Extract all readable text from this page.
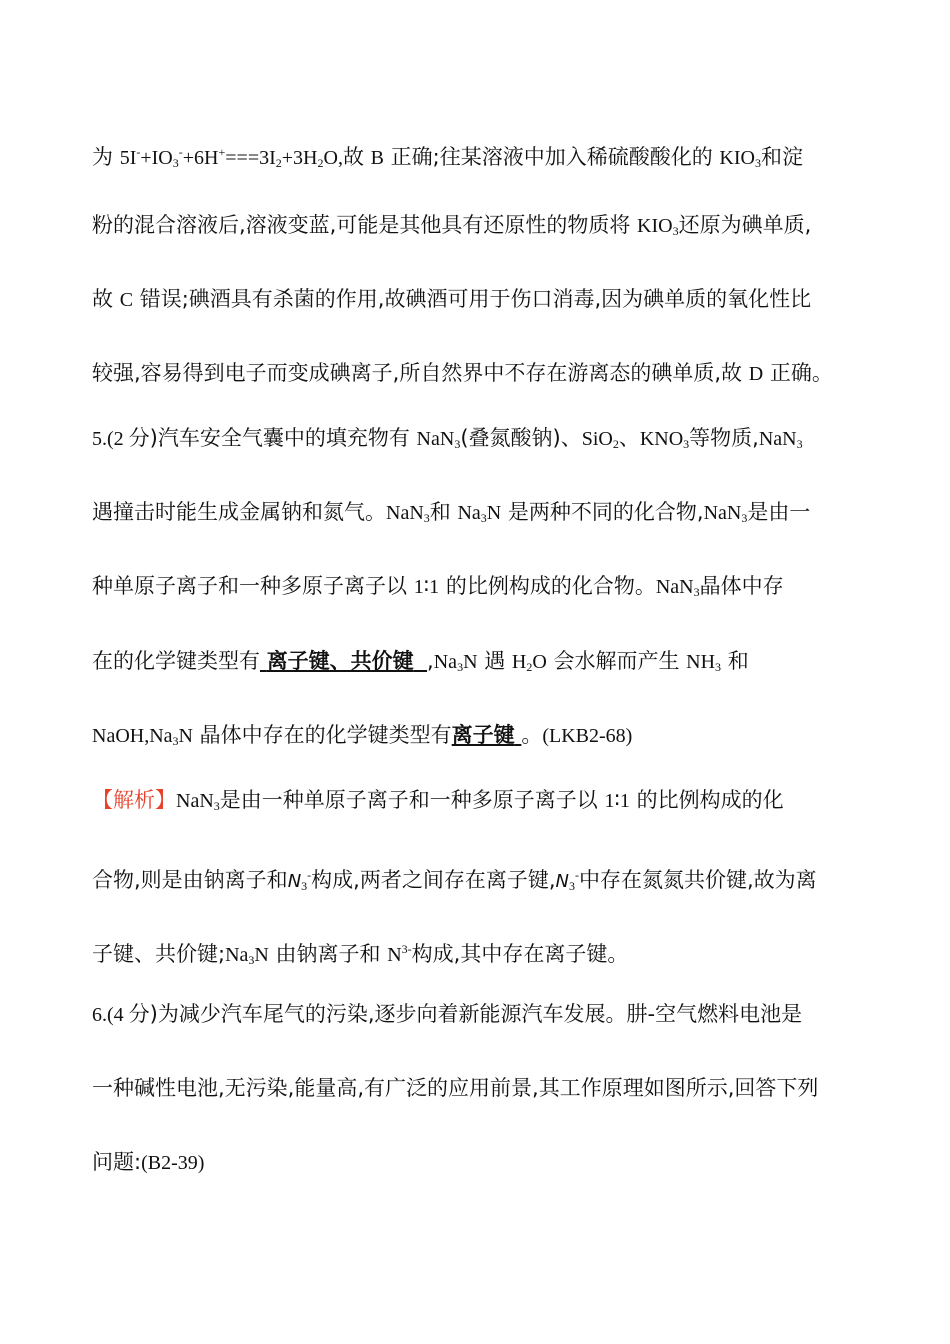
为 $5I^-+IO_3^-+6H^+===3I_2+3H_2O$,故 B 正确;往某溶液中加入稀硫酸酸化的 $KIO_3$和淀
粉的混合溶液后,溶液变蓝,可能是其他具有还原性的物质将 $KIO_3$还原为碘单质,
故 C 错误;碘酒具有杀菌的作用,故碘酒可用于伤口消毒,因为碘单质的氧化性比
较强,容易得到电子而变成碘离子,所自然界中不存在游离态的碘单质,故 D 正确。
5.(2 分)汽车安全气囊中的填充物有 NaN$_3$(叠氮酸钠)、SiO$_2$、$KNO_3$等物质,NaN$_3$
遇撞击时能生成金属钠和氮气。NaN$_3$和 $Na_3N$ 是两种不同的化合物,NaN$_3$是由一
种单原子离子和一种多原子离子以 1∶1 的比例构成的化合物。NaN$_3$晶体中存
在的化学键类型有 离子键、共价键 $,Na_3N$ 遇 $H_2O$ 会水解而产生 $NH_3$ 和
$NaOH,Na_3N$ 晶体中存在的化学键类型有离子键 。(LKB2-68)
【解析】NaN$_3$是由一种单原子离子和一种多原子离子以 1∶1 的比例构成的化
合物,则是由钠离子和$N_3^-$构成,两者之间存在离子键$,N_3^-$中存在氮氮共价键,故为离
子键、共价键$;Na_3N$ 由钠离子和 $N^{3-}$构成,其中存在离子键。
6.(4 分)为减少汽车尾气的污染,逐步向着新能源汽车发展。肼-空气燃料电池是
一种碱性电池,无污染,能量高,有广泛的应用前景,其工作原理如图所示,回答下列
问题:(B2-39)
